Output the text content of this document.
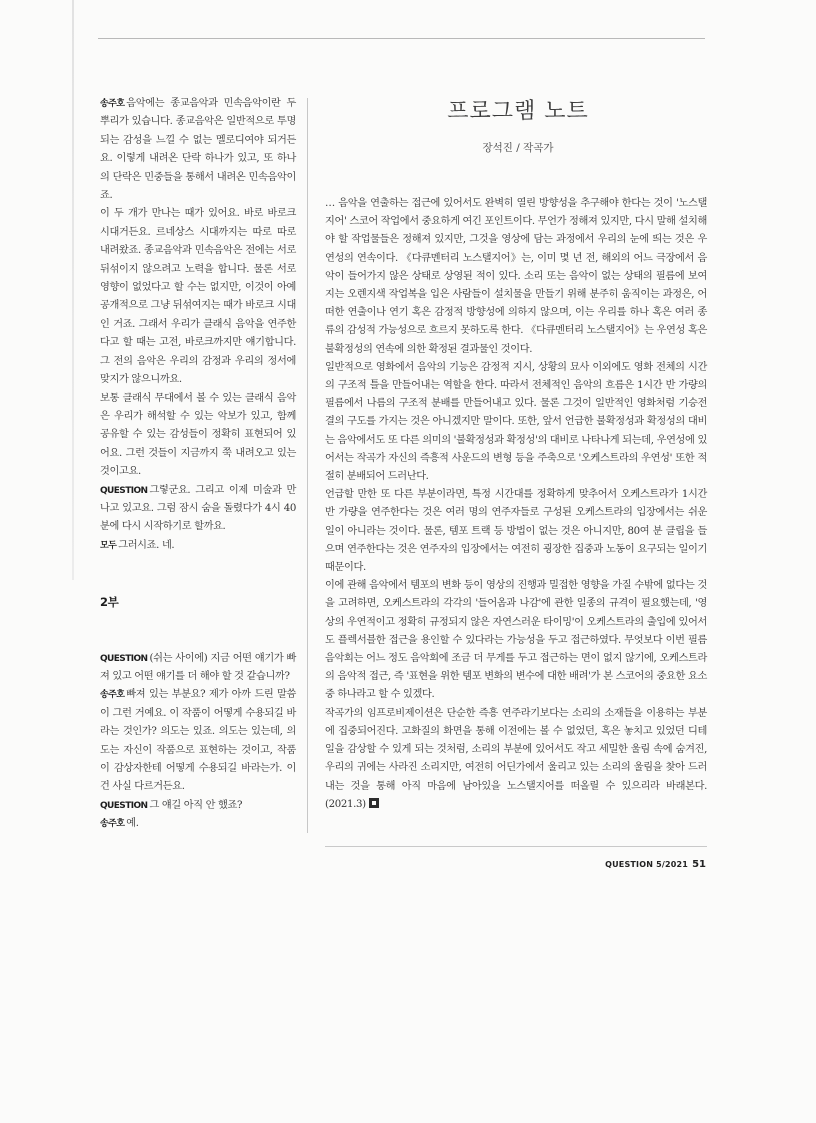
송주호 음악에는 종교음악과 민속음악이란 두 뿌리가 있습니다. 종교음악은 일반적으로 투명되는 감성을 느낄 수 없는 멜로디여야 되거든요. 이렇게 내려온 단락 하나가 있고, 또 하나의 단락은 민중들을 통해서 내려온 민속음악이죠.

이 두 개가 만나는 때가 있어요. 바로 바로크 시대거든요. 르네상스 시대까지는 따로 따로 내려왔죠. 종교음악과 민속음악은 전에는 서로 뒤섞이지 않으려고 노력을 합니다. 물론 서로 영향이 없었다고 할 수는 없지만, 이것이 아예 공개적으로 그냥 뒤섞여지는 때가 바로크 시대인 거죠. 그래서 우리가 클래식 음악을 연주한다고 할 때는 고전, 바로크까지만 얘기합니다. 그 전의 음악은 우리의 감정과 우리의 정서에 맞지가 않으니까요.

보통 클래식 무대에서 볼 수 있는 클래식 음악은 우리가 해석할 수 있는 악보가 있고, 함께 공유할 수 있는 감성들이 정확히 표현되어 있어요. 그런 것들이 지금까지 쭉 내려오고 있는 것이고요.

QUESTION 그렇군요. 그리고 이제 미술과 만나고 있고요. 그럼 잠시 숨을 돌렸다가 4시 40분에 다시 시작하기로 할까요.

모두 그러시죠. 네.

2부

QUESTION (쉬는 사이에) 지금 어떤 얘기가 빠져 있고 어떤 얘기를 더 해야 할 것 같습니까?

송주호 빠져 있는 부분요? 제가 아까 드린 말씀이 그런 거예요. 이 작품이 어떻게 수용되길 바라는 것인가? 의도는 있죠. 의도는 있는데, 의도는 자신이 작품으로 표현하는 것이고, 작품이 감상자한테 어떻게 수용되길 바라는가. 이건 사실 다르거든요.

QUESTION 그 얘길 아직 안 했죠?

송주호 예.

프로그램 노트
장석진 / 작곡가

… 음악을 연출하는 접근에 있어서도 완벽히 열린 방향성을 추구해야 한다는 것이 '노스탤지어' 스코어 작업에서 중요하게 여긴 포인트이다. 무언가 정해져 있지만, 다시 말해 설치해야 할 작업물들은 정해져 있지만, 그것을 영상에 담는 과정에서 우리의 눈에 띄는 것은 우연성의 연속이다. 《다큐멘터리 노스탤지어》는, 이미 몇 년 전, 해외의 어느 극장에서 음악이 들어가지 않은 상태로 상영된 적이 있다. 소리 또는 음악이 없는 상태의 필름에 보여지는 오렌지색 작업복을 입은 사람들이 설치물을 만들기 위해 분주히 움직이는 과정은, 어떠한 연출이나 연기 혹은 감정적 방향성에 의하지 않으며, 이는 우리를 하나 혹은 여러 종류의 감성적 가능성으로 흐르지 못하도록 한다. 《다큐멘터리 노스탤지어》는 우연성 혹은 불확정성의 연속에 의한 확정된 결과물인 것이다.

일반적으로 영화에서 음악의 기능은 감정적 지시, 상황의 묘사 이외에도 영화 전체의 시간의 구조적 틀을 만들어내는 역할을 한다. 따라서 전체적인 음악의 흐름은 1시간 반 가량의 필름에서 나름의 구조적 분배를 만들어내고 있다. 물론 그것이 일반적인 영화처럼 기승전결의 구도를 가지는 것은 아니겠지만 말이다. 또한, 앞서 언급한 불확정성과 확정성의 대비는 음악에서도 또 다른 의미의 '불확정성과 확정성'의 대비로 나타나게 되는데, 우연성에 있어서는 작곡가 자신의 즉흥적 사운드의 변형 등을 주축으로 '오케스트라의 우연성' 또한 적절히 분배되어 드러난다.

언급할 만한 또 다른 부분이라면, 특정 시간대를 정확하게 맞추어서 오케스트라가 1시간 반 가량을 연주한다는 것은 여러 명의 연주자들로 구성된 오케스트라의 입장에서는 쉬운 일이 아니라는 것이다. 물론, 템포 트랙 등 방법이 없는 것은 아니지만, 80여 분 클립을 들으며 연주한다는 것은 연주자의 입장에서는 여전히 굉장한 집중과 노동이 요구되는 일이기 때문이다.

이에 관해 음악에서 템포의 변화 등이 영상의 진행과 밀접한 영향을 가질 수밖에 없다는 것을 고려하면, 오케스트라의 각각의 '들어옴과 나감'에 관한 일종의 규격이 필요했는데, '영상의 우연적이고 정확히 규정되지 않은 자연스러운 타이밍'이 오케스트라의 출입에 있어서도 플렉서블한 접근을 용인할 수 있다라는 가능성을 두고 접근하였다. 무엇보다 이번 필름 음악회는 어느 정도 음악회에 조금 더 무게를 두고 접근하는 면이 없지 않기에, 오케스트라의 음악적 접근, 즉 '표현을 위한 템포 변화의 변수에 대한 배려'가 본 스코어의 중요한 요소 중 하나라고 할 수 있겠다.

작곡가의 임프로비제이션은 단순한 즉흥 연주라기보다는 소리의 소재들을 이용하는 부분에 집중되어진다. 고화질의 화면을 통해 이전에는 볼 수 없었던, 혹은 놓치고 있었던 디테일을 감상할 수 있게 되는 것처럼, 소리의 부분에 있어서도 작고 세밀한 울림 속에 숨겨진, 우리의 귀에는 사라진 소리지만, 여전히 어딘가에서 울리고 있는 소리의 울림을 찾아 드러내는 것을 통해 아직 마음에 남아있을 노스탤지어를 떠올릴 수 있으리라 바래본다. (2021.3)

QUESTION 5/2021 51
